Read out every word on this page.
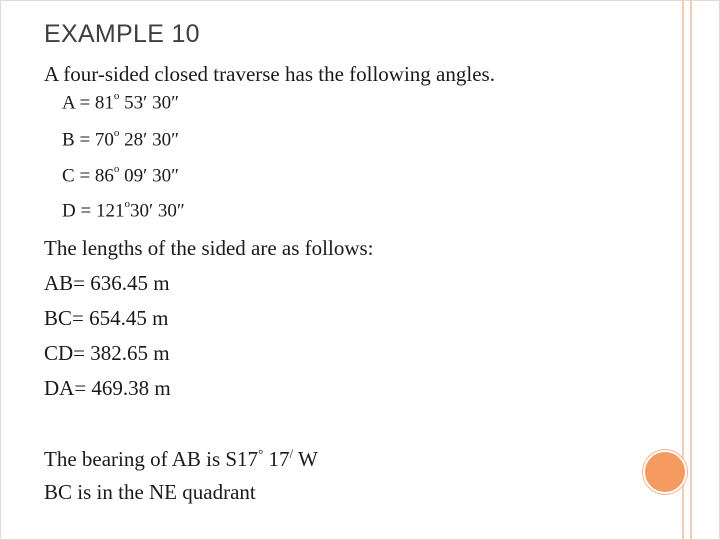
EXAMPLE 10
A four-sided closed traverse has the following angles.
$A = 81^o$ 53′ 30″
$B = 70^o$ 28′ 30″
$C = 86^o$ 09′ 30″
$D = 121^o30'$ 30″
The lengths of the sided are as follows:
AB= 636.45 m
BC= 654.45 m
CD= 382.65 m
DA= 469.38 m
The bearing of AB is S17° 17/ W
BC is in the NE quadrant
